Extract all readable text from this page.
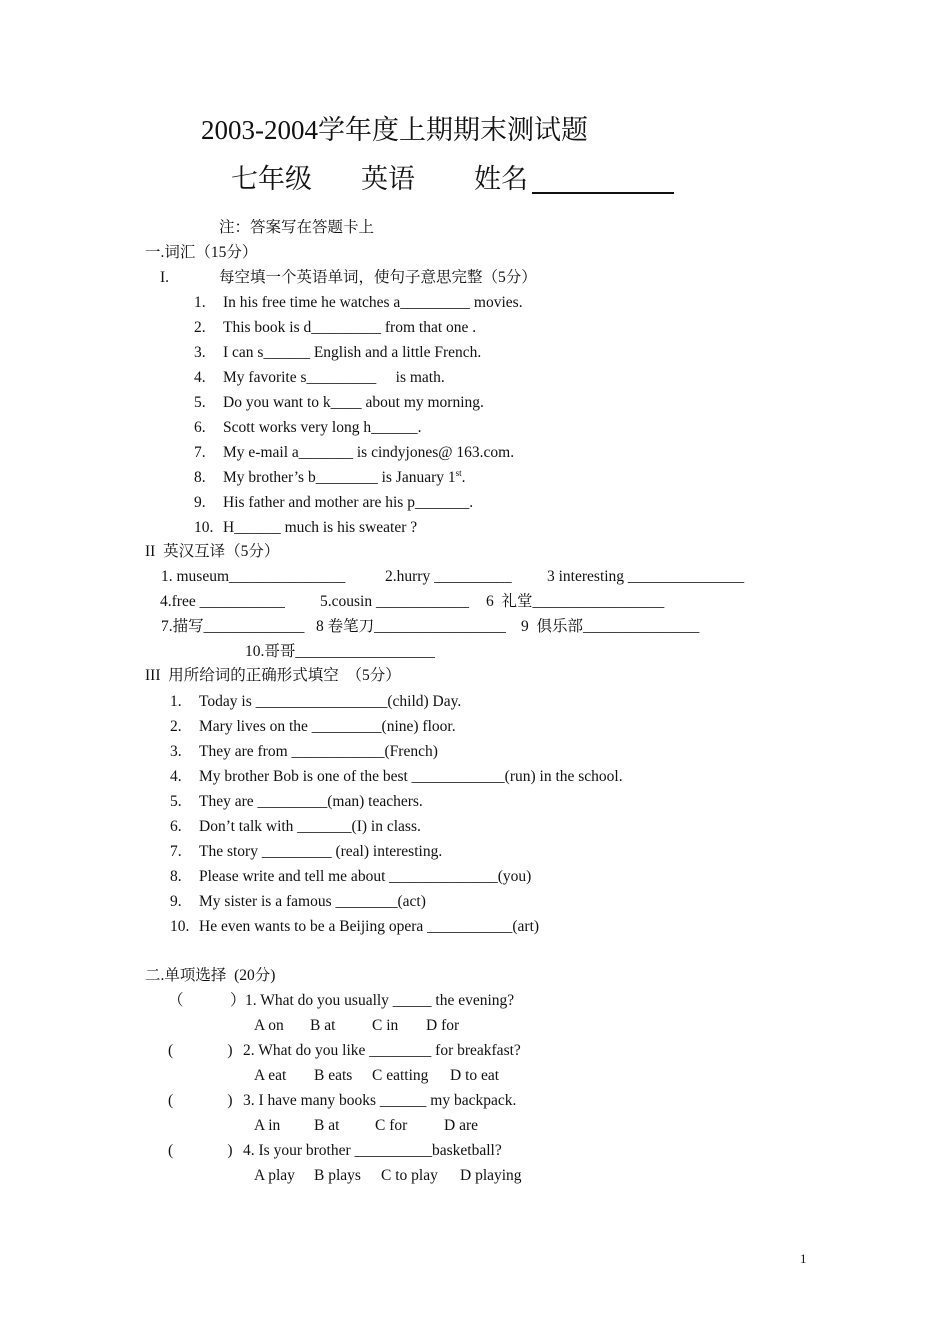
2003-2004学年度上期期末测试题
七年级 英语 姓名
注：答案写在答题卡上
一.词汇（15分）
I.	每空填一个英语单词，使句子意思完整（5分）
1. In his free time he watches a_________ movies.
2. This book is d_________ from that one .
3. I can s______ English and a little French.
4. My favorite s_________     is math.
5. Do you want to k____ about my morning.
6. Scott works very long h______.
7. My e-mail a_______ is cindyjones@ 163.com.
8. My brother’s b________ is January 1st.
9. His father and mother are his p_______.
10. H______ much is his sweater ?
II  英汉互译（5分）
1. museum_______________	2.hurry __________ 3 interesting _______________
4.free ___________ 5.cousin ____________ 6  礼堂_________________
7.描写_____________ 8 卷笔刀_________________ 9  俱乐部_______________
10.哥哥__________________
III  用所给词的正确形式填空  （5分）
1. Today is _________________(child) Day.
2. Mary lives on the _________(nine) floor.
3. They are from ____________(French)
4. My brother Bob is one of the best ____________(run) in the school.
5. They are _________(man) teachers.
6. Don’t talk with _______(I) in class.
7. The story _________ (real) interesting.
8. Please write and tell me about ______________(you)
9. My sister is a famous ________(act)
10. He even wants to be a Beijing opera ___________(art)
二.单项选择  (20分)
（            ） 1. What do you usually _____ the evening?
A on B at C in D for
(              ) 2. What do you like ________ for breakfast?
A eat B eats C eatting D to eat
(              ) 3. I have many books ______ my backpack.
A in B at C for D are
(              ) 4. Is your brother __________basketball?
A play B plays C to play D playing
1
